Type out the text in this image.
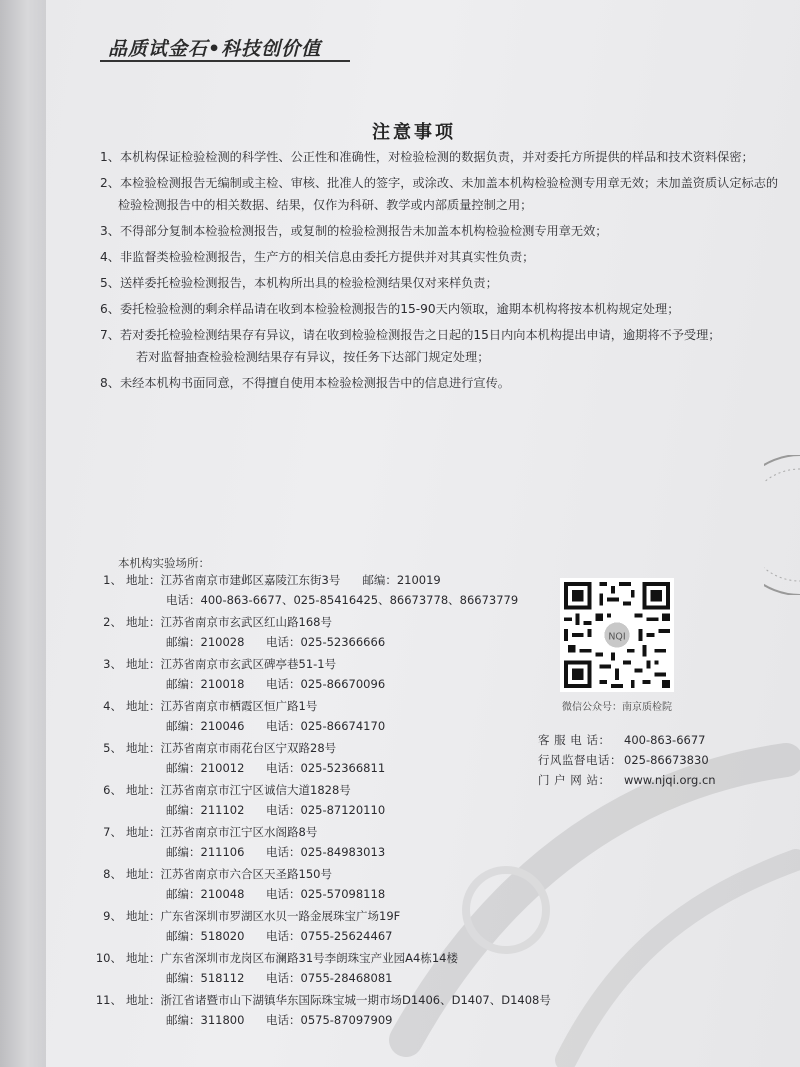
品质试金石•科技创价值
注意事项
1、本机构保证检验检测的科学性、公正性和准确性，对检验检测的数据负责，并对委托方所提供的样品和技术资料保密；
2、本检验检测报告无编制或主检、审核、批准人的签字，或涂改、未加盖本机构检验检测专用章无效；未加盖资质认定标志的检验检测报告中的相关数据、结果，仅作为科研、教学或内部质量控制之用；
3、不得部分复制本检验检测报告，或复制的检验检测报告未加盖本机构检验检测专用章无效；
4、非监督类检验检测报告，生产方的相关信息由委托方提供并对其真实性负责；
5、送样委托检验检测报告，本机构所出具的检验检测结果仅对来样负责；
6、委托检验检测的剩余样品请在收到本检验检测报告的15-90天内领取，逾期本机构将按本机构规定处理；
7、若对委托检验检测结果存有异议，请在收到检验检测报告之日起的15日内向本机构提出申请，逾期将不予受理；
若对监督抽查检验检测结果存有异议，按任务下达部门规定处理；
8、未经本机构书面同意，不得擅自使用本检验检测报告中的信息进行宣传。
本机构实验场所：
1、 地址：江苏省南京市建邺区嘉陵江东街3号 邮编：210019
电话：400-863-6677、025-85416425、86673778、86673779
2、 地址：江苏省南京市玄武区红山路168号
邮编：210028 电话：025-52366666
3、 地址：江苏省南京市玄武区碑亭巷51-1号
邮编：210018 电话：025-86670096
4、 地址：江苏省南京市栖霞区恒广路1号
邮编：210046 电话：025-86674170
5、 地址：江苏省南京市雨花台区宁双路28号
邮编：210012 电话：025-52366811
6、 地址：江苏省南京市江宁区诚信大道1828号
邮编：211102 电话：025-87120110
7、 地址：江苏省南京市江宁区水阁路8号
邮编：211106 电话：025-84983013
8、 地址：江苏省南京市六合区天圣路150号
邮编：210048 电话：025-57098118
9、 地址：广东省深圳市罗湖区水贝一路金展珠宝广场19F
邮编：518020 电话：0755-25624467
10、 地址：广东省深圳市龙岗区布澜路31号李朗珠宝产业园A4栋14楼
邮编：518112 电话：0755-28468081
11、 地址：浙江省诸暨市山下湖镇华东国际珠宝城一期市场D1406、D1407、D1408号
邮编：311800 电话：0575-87097909
NQI
微信公众号：南京质检院
客 服 电 话： 400-863-6677
行风监督电话： 025-86673830
门 户 网 站： www.njqi.org.cn
